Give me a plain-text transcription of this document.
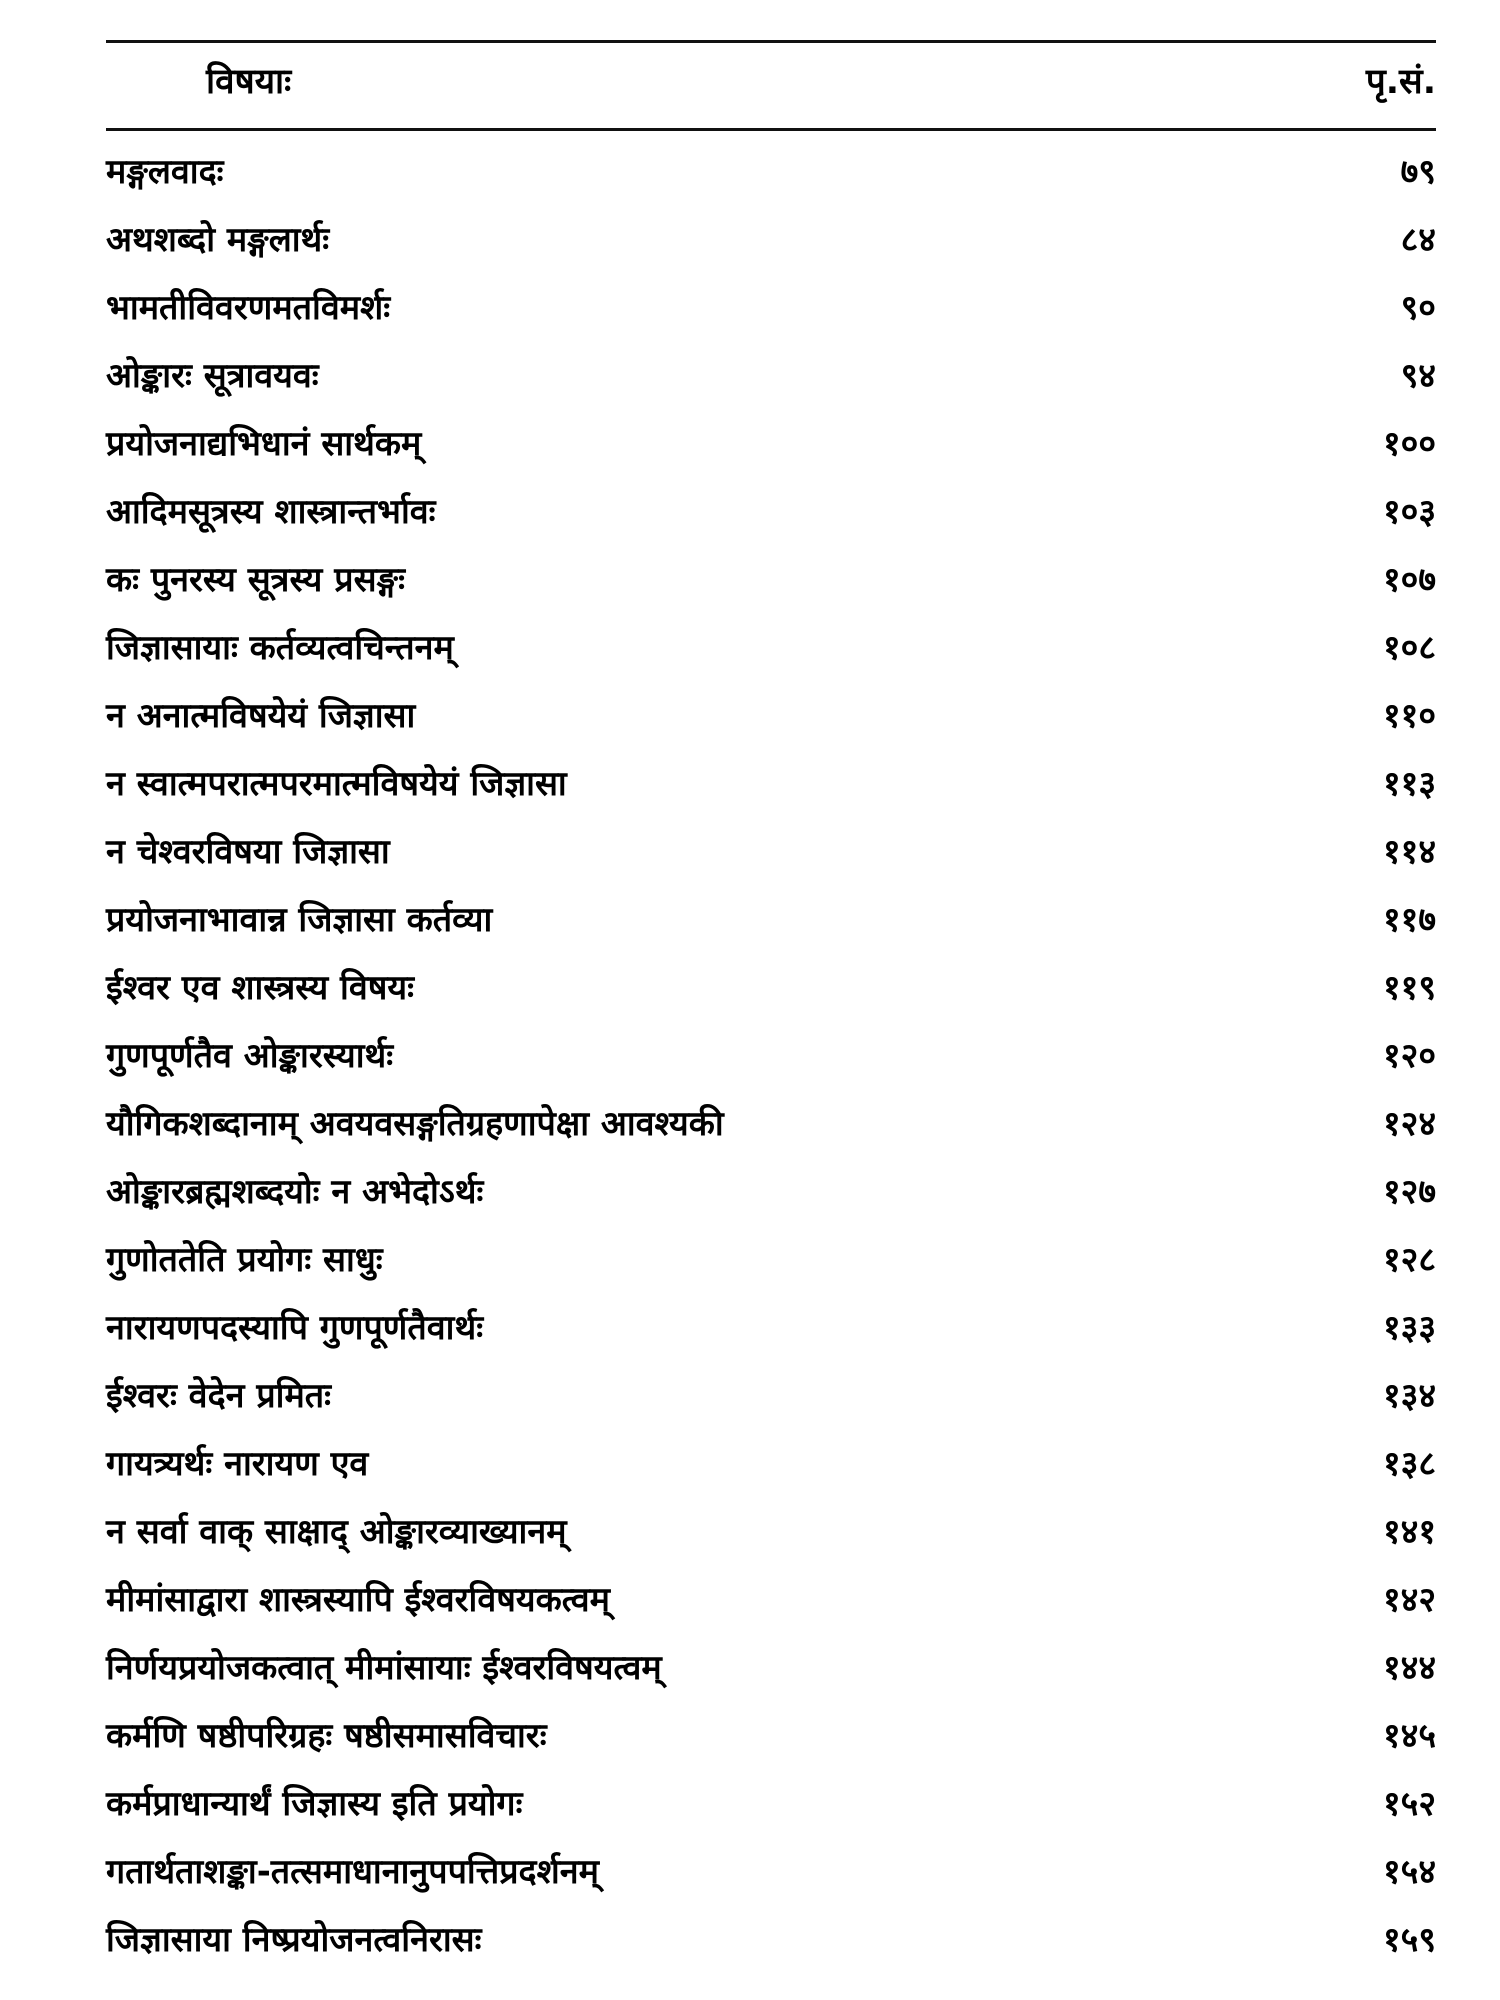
विषयाः	पृ.सं.
मङ्गलवादः	७९
अथशब्दो मङ्गलार्थः	८४
भामतीविवरणमतविमर्शः	९०
ओङ्कारः सूत्रावयवः	९४
प्रयोजनाद्यभिधानं सार्थकम्	१००
आदिमसूत्रस्य शास्त्रान्तर्भावः	१०३
कः पुनरस्य सूत्रस्य प्रसङ्गः	१०७
जिज्ञासायाः कर्तव्यत्वचिन्तनम्	१०८
न अनात्मविषयेयं जिज्ञासा	११०
न स्वात्मपरात्मपरमात्मविषयेयं जिज्ञासा	११३
न चेश्वरविषया जिज्ञासा	११४
प्रयोजनाभावान्न जिज्ञासा कर्तव्या	११७
ईश्वर एव शास्त्रस्य विषयः	११९
गुणपूर्णतैव ओङ्कारस्यार्थः	१२०
यौगिकशब्दानाम् अवयवसङ्गतिग्रहणापेक्षा आवश्यकी	१२४
ओङ्कारब्रह्मशब्दयोः न अभेदोऽर्थः	१२७
गुणोततेति प्रयोगः साधुः	१२८
नारायणपदस्यापि गुणपूर्णतैवार्थः	१३३
ईश्वरः वेदेन प्रमितः	१३४
गायत्र्यर्थः नारायण एव	१३८
न सर्वा वाक् साक्षाद् ओङ्कारव्याख्यानम्	१४१
मीमांसाद्वारा शास्त्रस्यापि ईश्वरविषयकत्वम्	१४२
निर्णयप्रयोजकत्वात् मीमांसायाः ईश्वरविषयत्वम्	१४४
कर्मणि षष्ठीपरिग्रहः षष्ठीसमासविचारः	१४५
कर्मप्राधान्यार्थं जिज्ञास्य इति प्रयोगः	१५२
गतार्थताशङ्का-तत्समाधानानुपपत्तिप्रदर्शनम्	१५४
जिज्ञासाया निष्प्रयोजनत्वनिरासः	१५९
